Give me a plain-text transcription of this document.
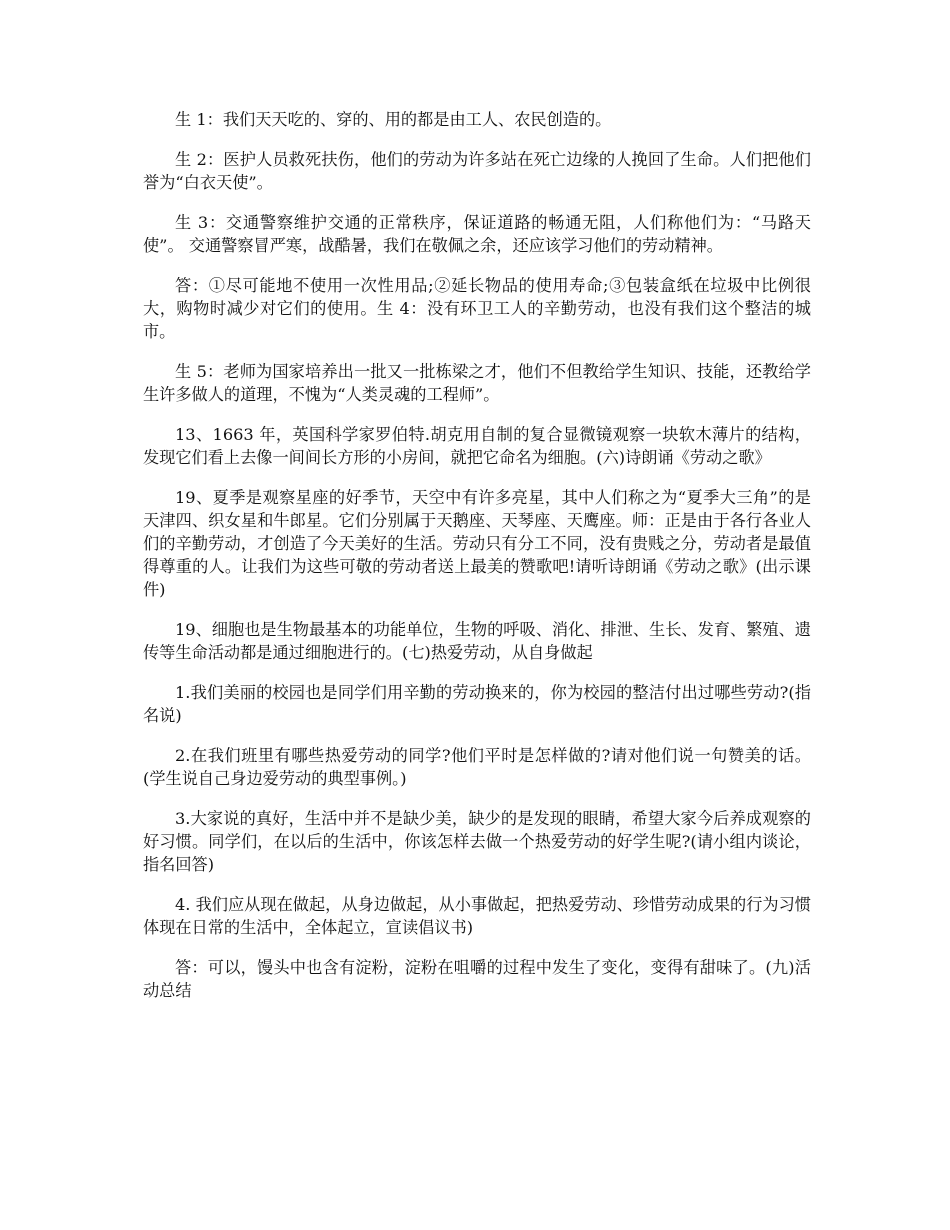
生 1：我们天天吃的、穿的、用的都是由工人、农民创造的。

生 2：医护人员救死扶伤，他们的劳动为许多站在死亡边缘的人挽回了生命。人们把他们誉为“白衣天使”。

生 3：交通警察维护交通的正常秩序，保证道路的畅通无阻，人们称他们为：“马路天使”。 交通警察冒严寒，战酷暑，我们在敬佩之余，还应该学习他们的劳动精神。

答：①尽可能地不使用一次性用品;②延长物品的使用寿命;③包装盒纸在垃圾中比例很大，购物时减少对它们的使用。生 4：没有环卫工人的辛勤劳动，也没有我们这个整洁的城市。

生 5：老师为国家培养出一批又一批栋梁之才，他们不但教给学生知识、技能，还教给学生许多做人的道理，不愧为“人类灵魂的工程师”。

13、1663 年，英国科学家罗伯特.胡克用自制的复合显微镜观察一块软木薄片的结构，发现它们看上去像一间间长方形的小房间，就把它命名为细胞。(六)诗朗诵《劳动之歌》

19、夏季是观察星座的好季节，天空中有许多亮星，其中人们称之为“夏季大三角”的是天津四、织女星和牛郎星。它们分别属于天鹅座、天琴座、天鹰座。师：正是由于各行各业人们的辛勤劳动，才创造了今天美好的生活。劳动只有分工不同，没有贵贱之分，劳动者是最值得尊重的人。让我们为这些可敬的劳动者送上最美的赞歌吧!请听诗朗诵《劳动之歌》(出示课件)

19、细胞也是生物最基本的功能单位，生物的呼吸、消化、排泄、生长、发育、繁殖、遗传等生命活动都是通过细胞进行的。(七)热爱劳动，从自身做起

1.我们美丽的校园也是同学们用辛勤的劳动换来的，你为校园的整洁付出过哪些劳动?(指名说)

2.在我们班里有哪些热爱劳动的同学?他们平时是怎样做的?请对他们说一句赞美的话。(学生说自己身边爱劳动的典型事例。)

3.大家说的真好，生活中并不是缺少美，缺少的是发现的眼睛，希望大家今后养成观察的好习惯。同学们，在以后的生活中，你该怎样去做一个热爱劳动的好学生呢?(请小组内谈论，指名回答)

4. 我们应从现在做起，从身边做起，从小事做起，把热爱劳动、珍惜劳动成果的行为习惯体现在日常的生活中，全体起立，宣读倡议书)

答：可以，馒头中也含有淀粉，淀粉在咀嚼的过程中发生了变化，变得有甜味了。(九)活动总结
